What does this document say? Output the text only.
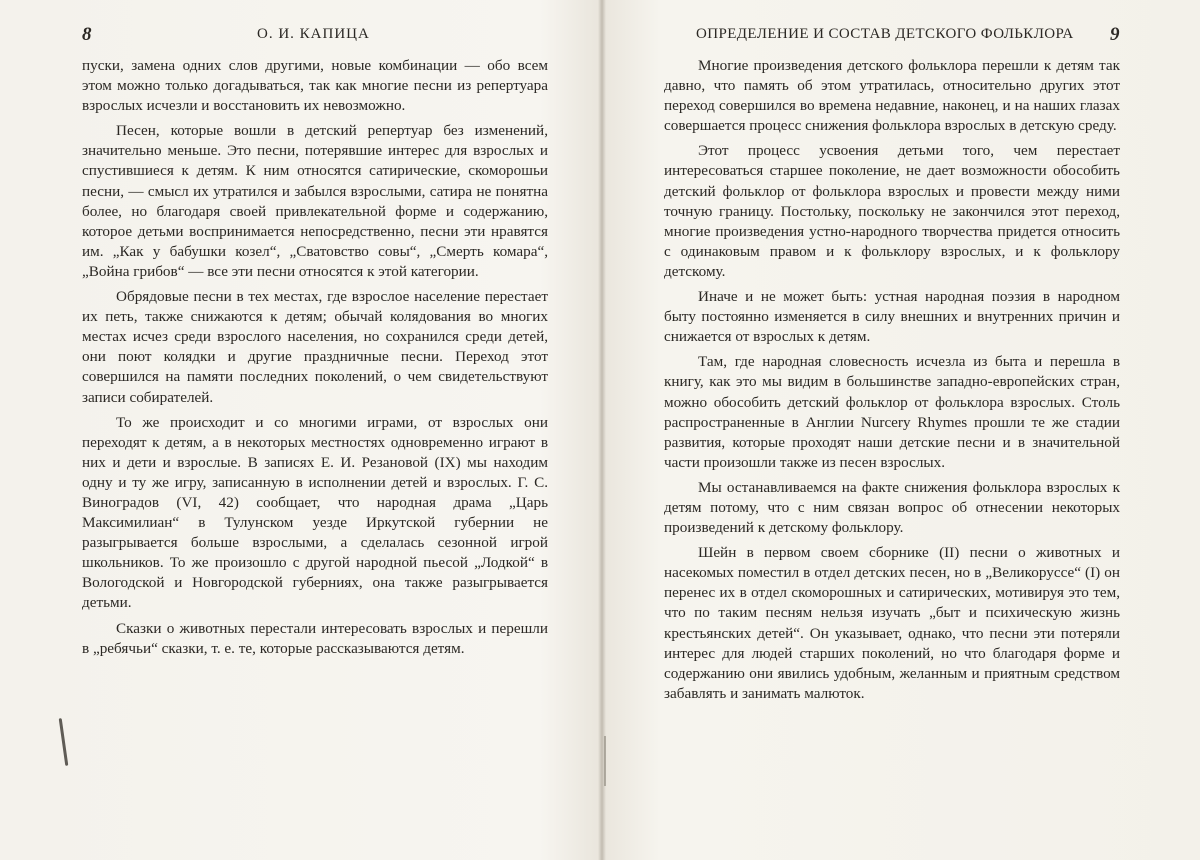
8	О. И. КАПИЦА

пуски, замена одних слов другими, новые комбинации — обо всем этом можно только догадываться, так как многие песни из репертуара взрослых исчезли и восстановить их невозможно.

Песен, которые вошли в детский репертуар без изменений, значительно меньше. Это песни, потерявшие интерес для взрослых и спустившиеся к детям. К ним относятся сатирические, скоморошьи песни, — смысл их утратился и забылся взрослыми, сатира не понятна более, но благодаря своей привлекательной форме и содержанию, которое детьми воспринимается непосредственно, песни эти нравятся им. „Как у бабушки козел“, „Сватовство совы“, „Смерть комара“, „Война грибов“ — все эти песни относятся к этой категории.

Обрядовые песни в тех местах, где взрослое население перестает их петь, также снижаются к детям; обычай колядования во многих местах исчез среди взрослого населения, но сохранился среди детей, они поют колядки и другие праздничные песни. Переход этот совершился на памяти последних поколений, о чем свидетельствуют записи собирателей.

То же происходит и со многими играми, от взрослых они переходят к детям, а в некоторых местностях одновременно играют в них и дети и взрослые. В записях Е. И. Резановой (IX) мы находим одну и ту же игру, записанную в исполнении детей и взрослых. Г. С. Виноградов (VI, 42) сообщает, что народная драма „Царь Максимилиан“ в Тулунском уезде Иркутской губернии не разыгрывается больше взрослыми, а сделалась сезонной игрой школьников. То же произошло с другой народной пьесой „Лодкой“ в Вологодской и Новгородской губерниях, она также разыгрывается детьми.

Сказки о животных перестали интересовать взрослых и перешли в „ребячьи“ сказки, т. е. те, которые рассказываются детям.

ОПРЕДЕЛЕНИЕ И СОСТАВ ДЕТСКОГО ФОЛЬКЛОРА 9

Многие произведения детского фольклора перешли к детям так давно, что память об этом утратилась, относительно других этот переход совершился во времена недавние, наконец, и на наших глазах совершается процесс снижения фольклора взрослых в детскую среду.

Этот процесс усвоения детьми того, чем перестает интересоваться старшее поколение, не дает возможности обособить детский фольклор от фольклора взрослых и провести между ними точную границу. Постольку, поскольку не закончился этот переход, многие произведения устно-народного творчества придется относить с одинаковым правом и к фольклору взрослых, и к фольклору детскому.

Иначе и не может быть: устная народная поэзия в народном быту постоянно изменяется в силу внешних и внутренних причин и снижается от взрослых к детям.

Там, где народная словесность исчезла из быта и перешла в книгу, как это мы видим в большинстве западно-европейских стран, можно обособить детский фольклор от фольклора взрослых. Столь распространенные в Англии Nurcery Rhymes прошли те же стадии развития, которые проходят наши детские песни и в значительной части произошли также из песен взрослых.

Мы останавливаемся на факте снижения фольклора взрослых к детям потому, что с ним связан вопрос об отнесении некоторых произведений к детскому фольклору.

Шейн в первом своем сборнике (II) песни о животных и насекомых поместил в отдел детских песен, но в „Великоруссе“ (I) он перенес их в отдел скоморошных и сатирических, мотивируя это тем, что по таким песням нельзя изучать „быт и психическую жизнь крестьянских детей“. Он указывает, однако, что песни эти потеряли интерес для людей старших поколений, но что благодаря форме и содержанию они явились удобным, желанным и приятным средством забавлять и занимать малюток.
